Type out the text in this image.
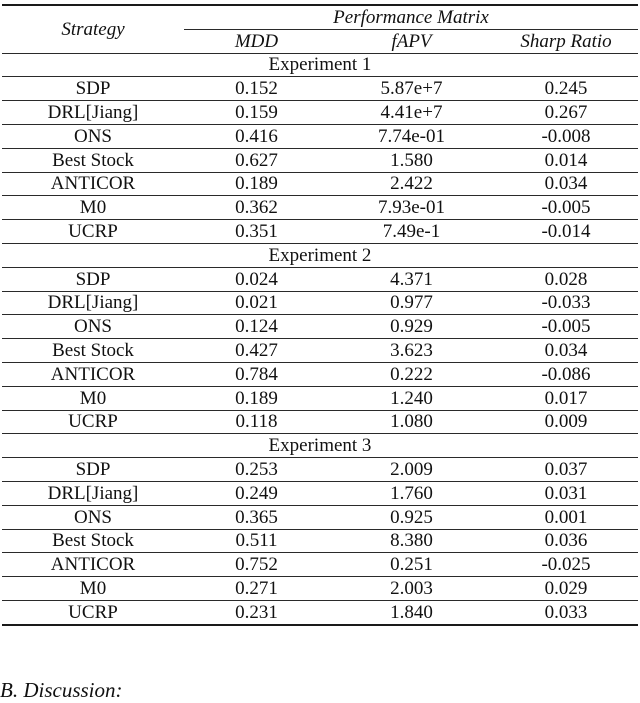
Strategy	Performance Matrix		
	MDD	fAPV	Sharp Ratio
Experiment 1			
SDP	0.152	5.87e+7	0.245
DRL[Jiang]	0.159	4.41e+7	0.267
ONS	0.416	7.74e-01	-0.008
Best Stock	0.627	1.580	0.014
ANTICOR	0.189	2.422	0.034
M0	0.362	7.93e-01	-0.005
UCRP	0.351	7.49e-1	-0.014
Experiment 2			
SDP	0.024	4.371	0.028
DRL[Jiang]	0.021	0.977	-0.033
ONS	0.124	0.929	-0.005
Best Stock	0.427	3.623	0.034
ANTICOR	0.784	0.222	-0.086
M0	0.189	1.240	0.017
UCRP	0.118	1.080	0.009
Experiment 3			
SDP	0.253	2.009	0.037
DRL[Jiang]	0.249	1.760	0.031
ONS	0.365	0.925	0.001
Best Stock	0.511	8.380	0.036
ANTICOR	0.752	0.251	-0.025
M0	0.271	2.003	0.029
UCRP	0.231	1.840	0.033
B. Discussion:
